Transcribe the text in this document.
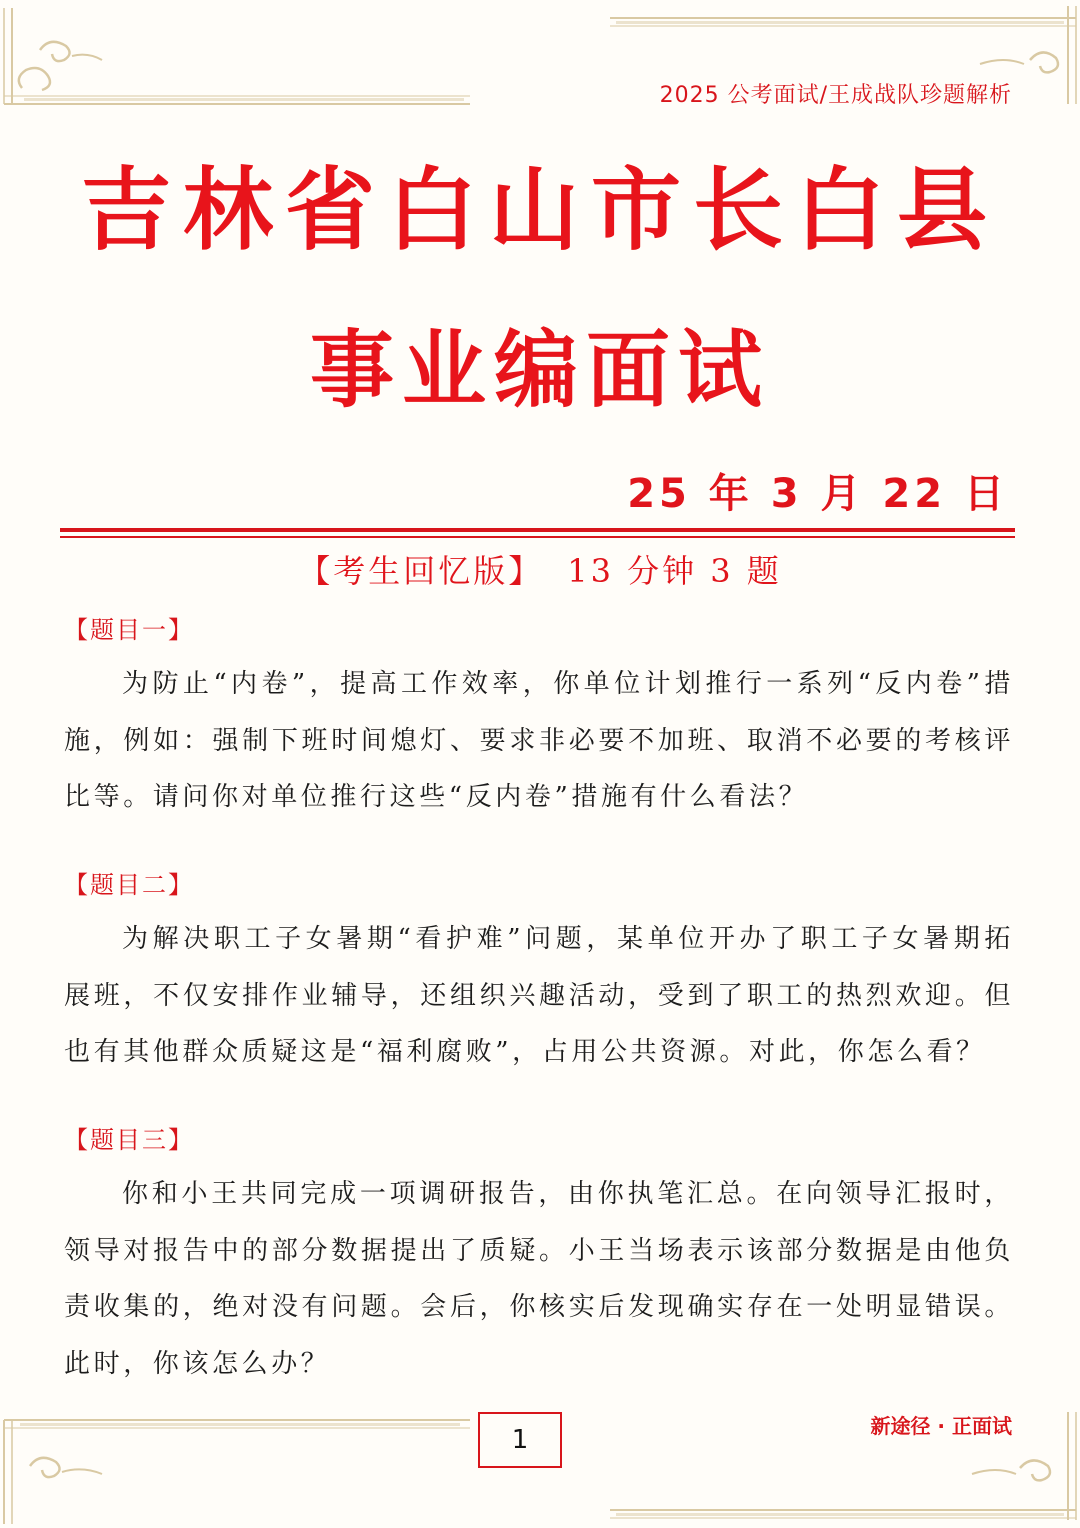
2025 公考面试/王成战队珍题解析
吉林省白山市长白县
事业编面试
25 年 3 月 22 日
【考生回忆版】 13 分钟 3 题
【题目一】

为防止“内卷”，提高工作效率，你单位计划推行一系列“反内卷”措施，例如：强制下班时间熄灯、要求非必要不加班、取消不必要的考核评比等。请问你对单位推行这些“反内卷”措施有什么看法？

【题目二】

为解决职工子女暑期“看护难”问题，某单位开办了职工子女暑期拓展班，不仅安排作业辅导，还组织兴趣活动，受到了职工的热烈欢迎。但也有其他群众质疑这是“福利腐败”，占用公共资源。对此，你怎么看？

【题目三】

你和小王共同完成一项调研报告，由你执笔汇总。在向领导汇报时，领导对报告中的部分数据提出了质疑。小王当场表示该部分数据是由他负责收集的，绝对没有问题。会后，你核实后发现确实存在一处明显错误。此时，你该怎么办？

1	新途径 · 正面试
